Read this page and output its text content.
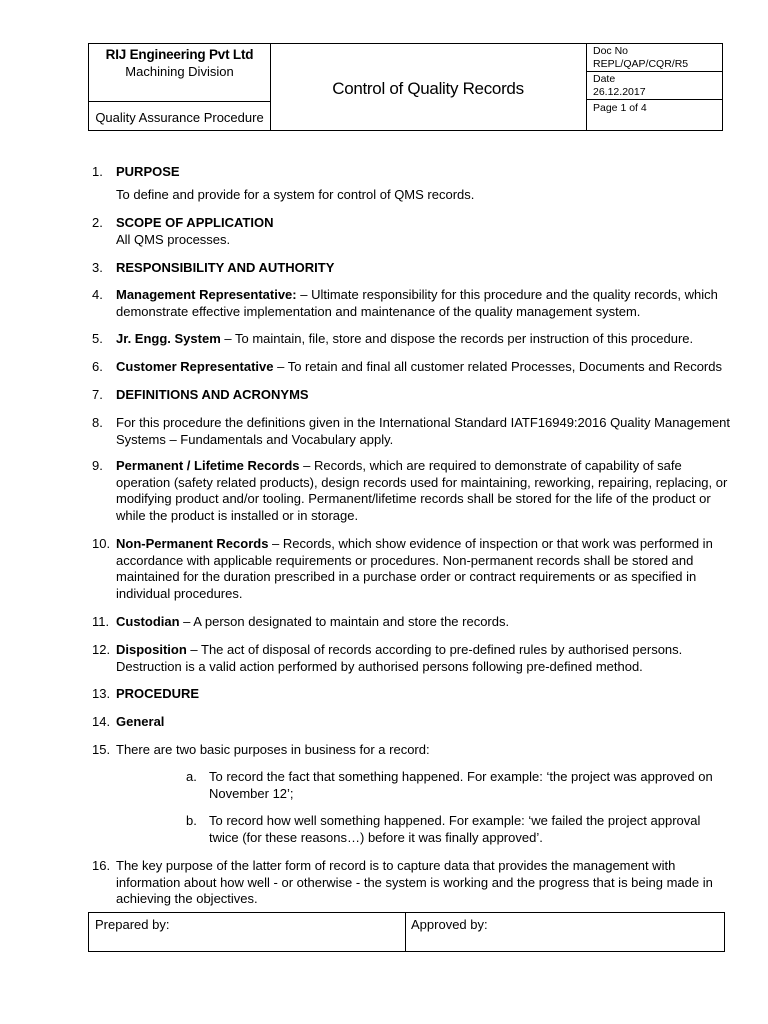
RIJ Engineering Pvt Ltd
Machining Division
Quality Assurance Procedure
Control of Quality Records
Doc No
REPL/QAP/CQR/R5
Date
26.12.2017
Page 1 of 4
1.	PURPOSE
To define and provide for a system for control of QMS records.
2.	SCOPE OF APPLICATION
All QMS processes.
3.	RESPONSIBILITY AND AUTHORITY
4.	Management Representative: – Ultimate responsibility for this procedure and the quality records, which demonstrate effective implementation and maintenance of the quality management system.
5.	Jr. Engg. System – To maintain, file, store and dispose the records per instruction of this procedure.
6.	Customer Representative – To retain and final all customer related Processes, Documents and Records
7.	DEFINITIONS AND ACRONYMS
8.	For this procedure the definitions given in the International Standard IATF16949:2016 Quality Management Systems – Fundamentals and Vocabulary apply.
9.	Permanent / Lifetime Records – Records, which are required to demonstrate of capability of safe operation (safety related products), design records used for maintaining, reworking, repairing, replacing, or modifying product and/or tooling. Permanent/lifetime records shall be stored for the life of the product or while the product is installed or in storage.
10. Non-Permanent Records – Records, which show evidence of inspection or that work was performed in accordance with applicable requirements or procedures. Non-permanent records shall be stored and maintained for the duration prescribed in a purchase order or contract requirements or as specified in individual procedures.
11. Custodian – A person designated to maintain and store the records.
12. Disposition – The act of disposal of records according to pre-defined rules by authorised persons. Destruction is a valid action performed by authorised persons following pre-defined method.
13. PROCEDURE
14. General
15. There are two basic purposes in business for a record:
a. To record the fact that something happened. For example: ‘the project was approved on November 12’;
b. To record how well something happened. For example: ‘we failed the project approval twice (for these reasons…) before it was finally approved’.
16. The key purpose of the latter form of record is to capture data that provides the management with information about how well - or otherwise - the system is working and the progress that is being made in achieving the objectives.
Prepared by:	Approved by:
